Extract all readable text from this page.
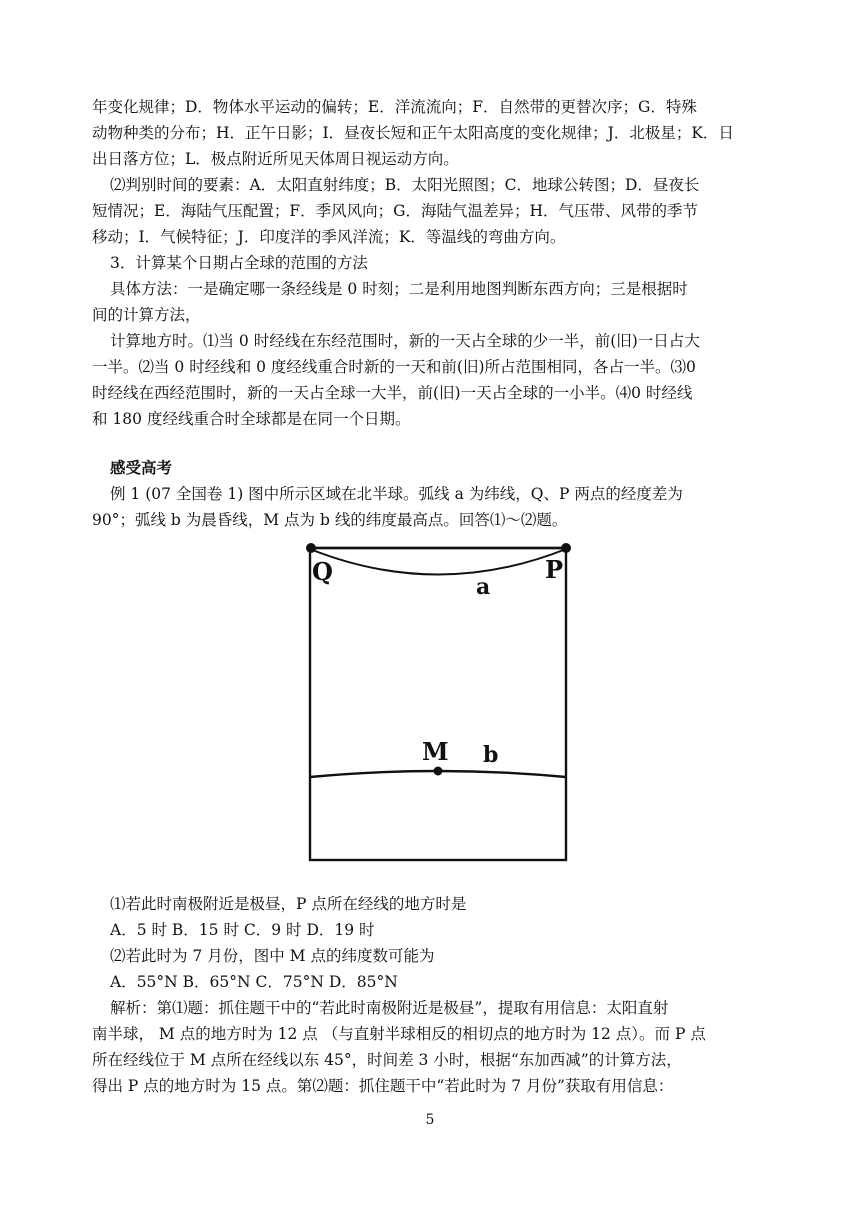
年变化规律；D．物体水平运动的偏转；E．洋流流向；F．自然带的更替次序；G．特殊
动物种类的分布；H．正午日影；I．昼夜长短和正午太阳高度的变化规律；J．北极星；K．日
出日落方位；L．极点附近所见天体周日视运动方向。
⑵判别时间的要素：A．太阳直射纬度；B．太阳光照图；C．地球公转图；D．昼夜长
短情况；E．海陆气压配置；F．季风风向；G．海陆气温差异；H．气压带、风带的季节
移动；I．气候特征；J．印度洋的季风洋流；K．等温线的弯曲方向。
3．计算某个日期占全球的范围的方法
具体方法：一是确定哪一条经线是 0 时刻；二是利用地图判断东西方向；三是根据时
间的计算方法，
计算地方时。⑴当 0 时经线在东经范围时，新的一天占全球的少一半，前(旧)一日占大
一半。⑵当 0 时经线和 0 度经线重合时新的一天和前(旧)所占范围相同，各占一半。⑶0
时经线在西经范围时，新的一天占全球一大半，前(旧)一天占全球的一小半。⑷0 时经线
和 180 度经线重合时全球都是在同一个日期。
感受高考
例 1 (07 全国卷 1) 图中所示区域在北半球。弧线 a 为纬线，Q、P 两点的经度差为
90°；弧线 b 为晨昏线，M 点为 b 线的纬度最高点。回答⑴～⑵题。
Q	P
a
M b
⑴若此时南极附近是极昼，P 点所在经线的地方时是
A．5 时 B．15 时 C．9 时 D．19 时
⑵若此时为 7 月份，图中 M 点的纬度数可能为
A．55°N B．65°N C．75°N D．85°N
解析：第⑴题：抓住题干中的“若此时南极附近是极昼”，提取有用信息：太阳直射
南半球， M 点的地方时为 12 点 （与直射半球相反的相切点的地方时为 12 点）。而 P 点
所在经线位于 M 点所在经线以东 45°，时间差 3 小时，根据“东加西减”的计算方法，
得出 P 点的地方时为 15 点。第⑵题：抓住题干中“若此时为 7 月份”获取有用信息：
5
